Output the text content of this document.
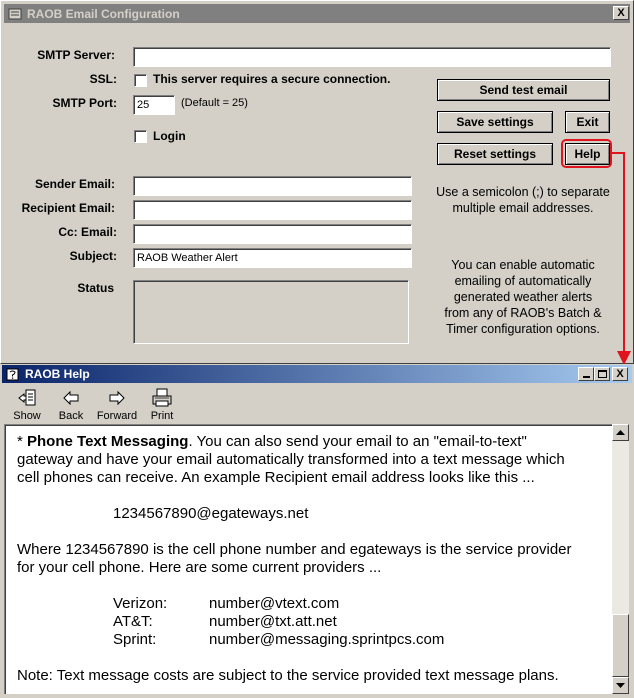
RAOB Email Configuration	X
SMTP Server:
SSL:	This server requires a secure connection.
SMTP Port:	25	(Default = 25)
Login
Sender Email:
Recipient Email:
Cc: Email:
Subject:	RAOB Weather Alert
Status
Send test email
Save settings	Exit
Reset settings	Help
Use a semicolon (;) to separate
multiple email addresses.
You can enable automatic
emailing of automatically
generated weather alerts
from any of RAOB's Batch &
Timer configuration options.
RAOB Help	X
Show Back Forward Print
* Phone Text Messaging. You can also send your email to an "email-to-text"
gateway and have your email automatically transformed into a text message which
cell phones can receive. An example Recipient email address looks like this ...
1234567890@egateways.net
Where 1234567890 is the cell phone number and egateways is the service provider
for your cell phone. Here are some current providers ...
Verizon:	number@vtext.com
AT&T:	number@txt.att.net
Sprint:	number@messaging.sprintpcs.com
Note: Text message costs are subject to the service provided text message plans.
